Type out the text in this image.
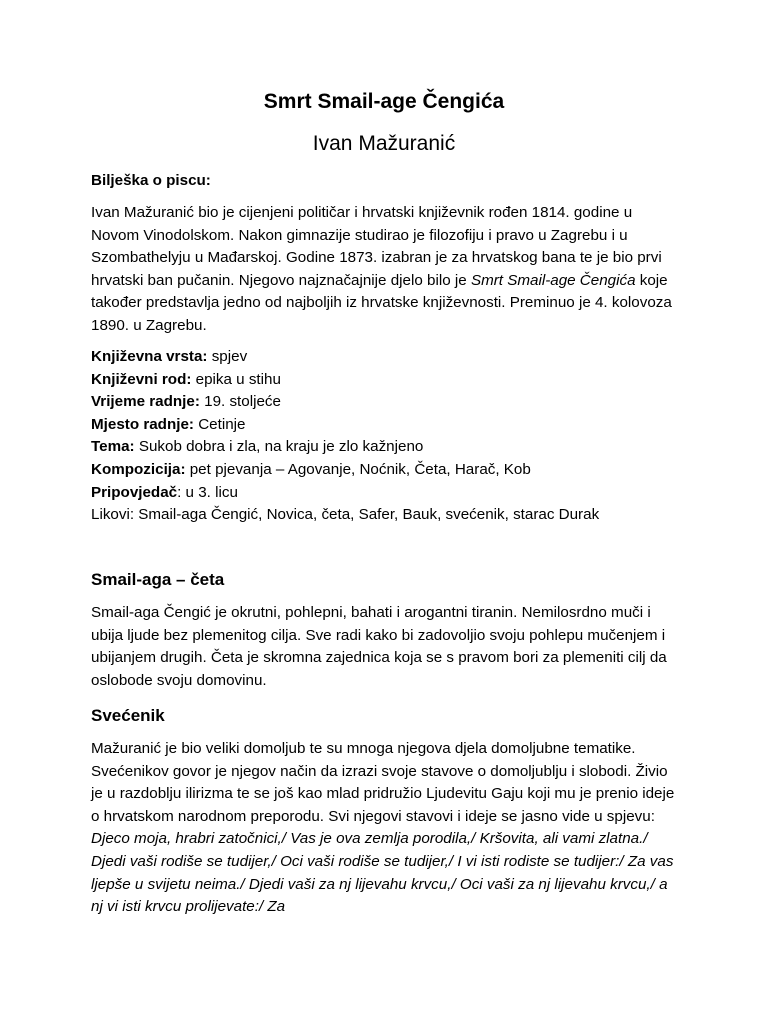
Smrt Smail-age Čengića
Ivan Mažuranić

Bilješka o piscu:

Ivan Mažuranić bio je cijenjeni političar i hrvatski književnik rođen 1814. godine u Novom Vinodolskom. Nakon gimnazije studirao je filozofiju i pravo u Zagrebu i u Szombathelyju u Mađarskoj. Godine 1873. izabran je za hrvatskog bana te je bio prvi hrvatski ban pučanin. Njegovo najznačajnije djelo bilo je Smrt Smail-age Čengića koje također predstavlja jedno od najboljih iz hrvatske književnosti. Preminuo je 4. kolovoza 1890. u Zagrebu.

Književna vrsta: spjev
Književni rod: epika u stihu
Vrijeme radnje: 19. stoljeće
Mjesto radnje: Cetinje
Tema: Sukob dobra i zla, na kraju je zlo kažnjeno
Kompozicija: pet pjevanja – Agovanje, Noćnik, Četa, Harač, Kob
Pripovjedač: u 3. licu
Likovi: Smail-aga Čengić, Novica, četa, Safer, Bauk, svećenik, starac Durak
Smail-aga – četa

Smail-aga Čengić je okrutni, pohlepni, bahati i arogantni tiranin. Nemilosrdno muči i ubija ljude bez plemenitog cilja. Sve radi kako bi zadovoljio svoju pohlepu mučenjem i ubijanjem drugih. Četa je skromna zajednica koja se s pravom bori za plemeniti cilj da oslobode svoju domovinu.

Svećenik

Mažuranić je bio veliki domoljub te su mnoga njegova djela domoljubne tematike. Svećenikov govor je njegov način da izrazi svoje stavove o domoljublju i slobodi. Živio je u razdoblju ilirizma te se još kao mlad pridružio Ljudevitu Gaju koji mu je prenio ideje o hrvatskom narodnom preporodu. Svi njegovi stavovi i ideje se jasno vide u spjevu: Djeco moja, hrabri zatočnici,/ Vas je ova zemlja porodila,/ Kršovita, ali vami zlatna./ Djedi vaši rodiše se tudijer,/ Oci vaši rodiše se tudijer,/ I vi isti rodiste se tudijer:/ Za vas ljepše u svijetu neima./ Djedi vaši za nj lijevahu krvcu,/ Oci vaši za nj lijevahu krvcu,/ a nj vi isti krvcu prolijevate:/ Za
